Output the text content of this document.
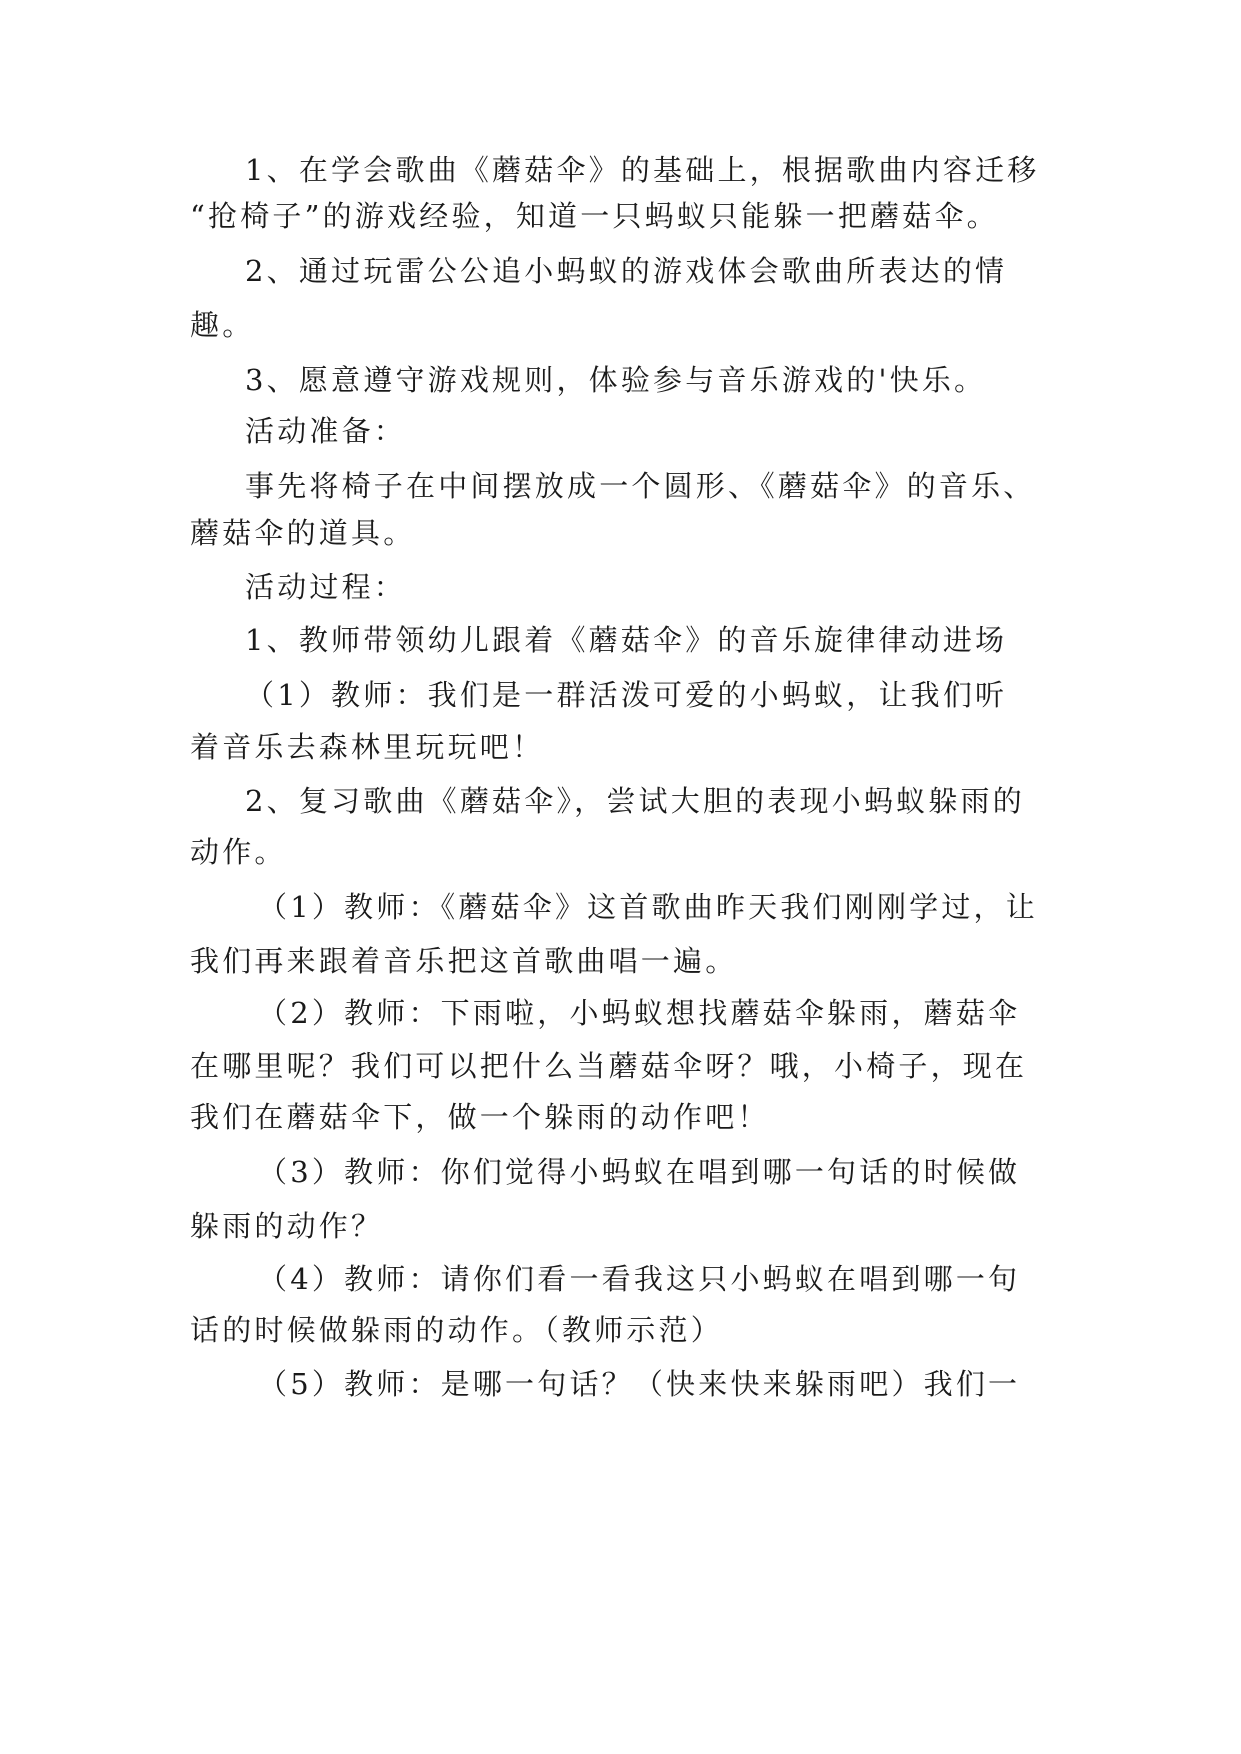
1、在学会歌曲《蘑菇伞》的基础上，根据歌曲内容迁移
“抢椅子”的游戏经验，知道一只蚂蚁只能躲一把蘑菇伞。
2、通过玩雷公公追小蚂蚁的游戏体会歌曲所表达的情
趣。
3、愿意遵守游戏规则，体验参与音乐游戏的'快乐。
活动准备：
事先将椅子在中间摆放成一个圆形、《蘑菇伞》的音乐、
蘑菇伞的道具。
活动过程：
1、教师带领幼儿跟着《蘑菇伞》的音乐旋律律动进场
（1）教师：我们是一群活泼可爱的小蚂蚁，让我们听
着音乐去森林里玩玩吧！
2、复习歌曲《蘑菇伞》，尝试大胆的表现小蚂蚁躲雨的
动作。
（1）教师：《蘑菇伞》这首歌曲昨天我们刚刚学过，让
我们再来跟着音乐把这首歌曲唱一遍。
（2）教师：下雨啦，小蚂蚁想找蘑菇伞躲雨，蘑菇伞
在哪里呢？我们可以把什么当蘑菇伞呀？哦，小椅子，现在
我们在蘑菇伞下，做一个躲雨的动作吧！
（3）教师：你们觉得小蚂蚁在唱到哪一句话的时候做
躲雨的动作？
（4）教师：请你们看一看我这只小蚂蚁在唱到哪一句
话的时候做躲雨的动作。（教师示范）
（5）教师：是哪一句话？（快来快来躲雨吧）我们一
